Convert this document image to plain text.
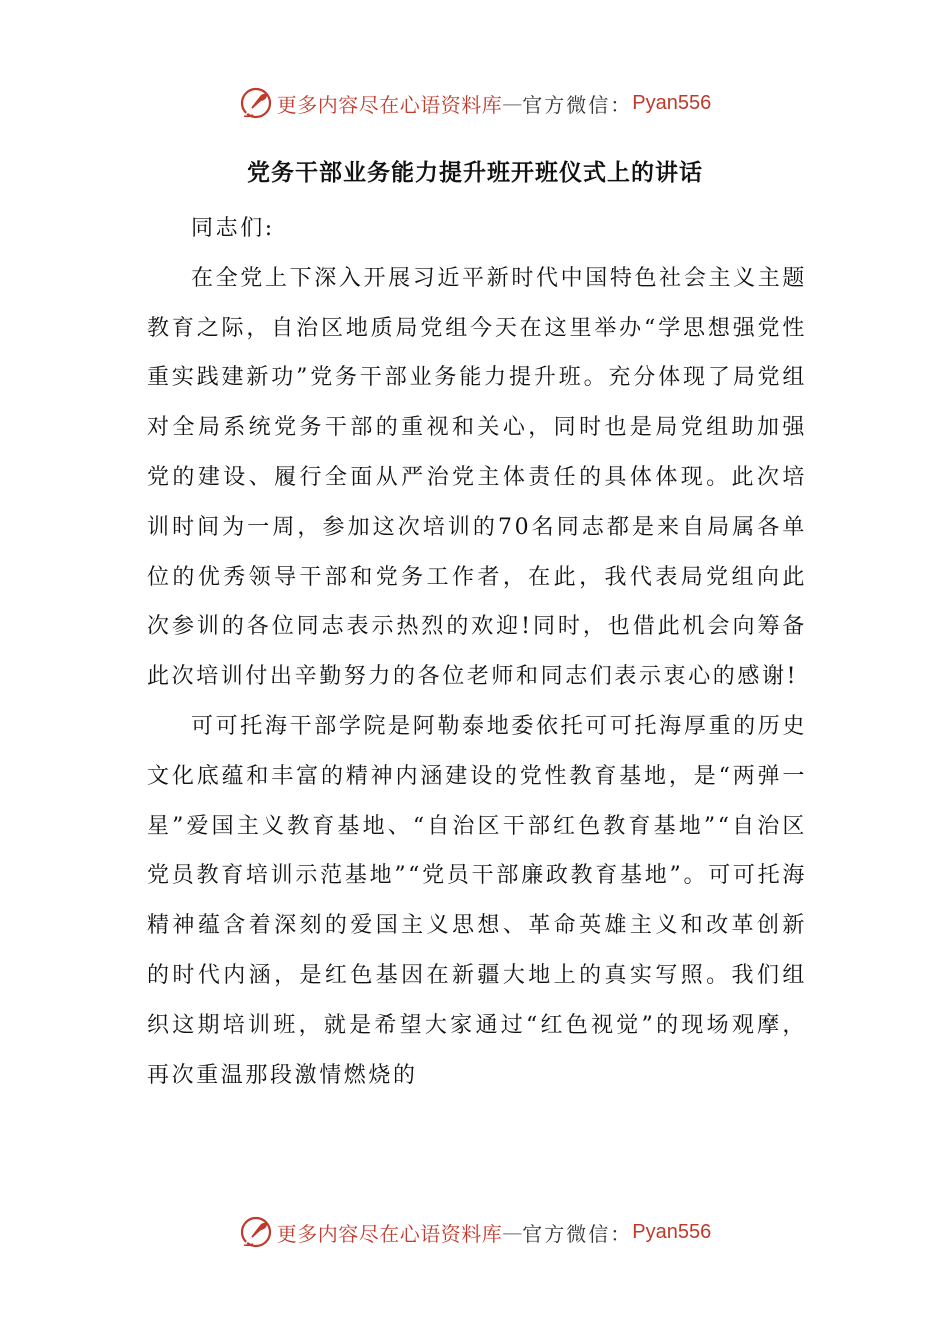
更多内容尽在心语资料库 — 官方微信： Pyan556
党务干部业务能力提升班开班仪式上的讲话

同志们:

在全党上下深入开展习近平新时代中国特色社会主义主题教育之际，自治区地质局党组今天在这里举办“学思想强党性重实践建新功”党务干部业务能力提升班。充分体现了局党组对全局系统党务干部的重视和关心，同时也是局党组助加强党的建设、履行全面从严治党主体责任的具体体现。此次培训时间为一周，参加这次培训的70名同志都是来自局属各单位的优秀领导干部和党务工作者，在此，我代表局党组向此次参训的各位同志表示热烈的欢迎!同时，也借此机会向筹备此次培训付出辛勤努力的各位老师和同志们表示衷心的感谢!

可可托海干部学院是阿勒泰地委依托可可托海厚重的历史文化底蕴和丰富的精神内涵建设的党性教育基地，是“两弹一星”爱国主义教育基地、“自治区干部红色教育基地”“自治区党员教育培训示范基地”“党员干部廉政教育基地”。可可托海精神蕴含着深刻的爱国主义思想、革命英雄主义和改革创新的时代内涵，是红色基因在新疆大地上的真实写照。我们组织这期培训班，就是希望大家通过“红色视觉”的现场观摩，再次重温那段激情燃烧的

更多内容尽在心语资料库 — 官方微信： Pyan556
